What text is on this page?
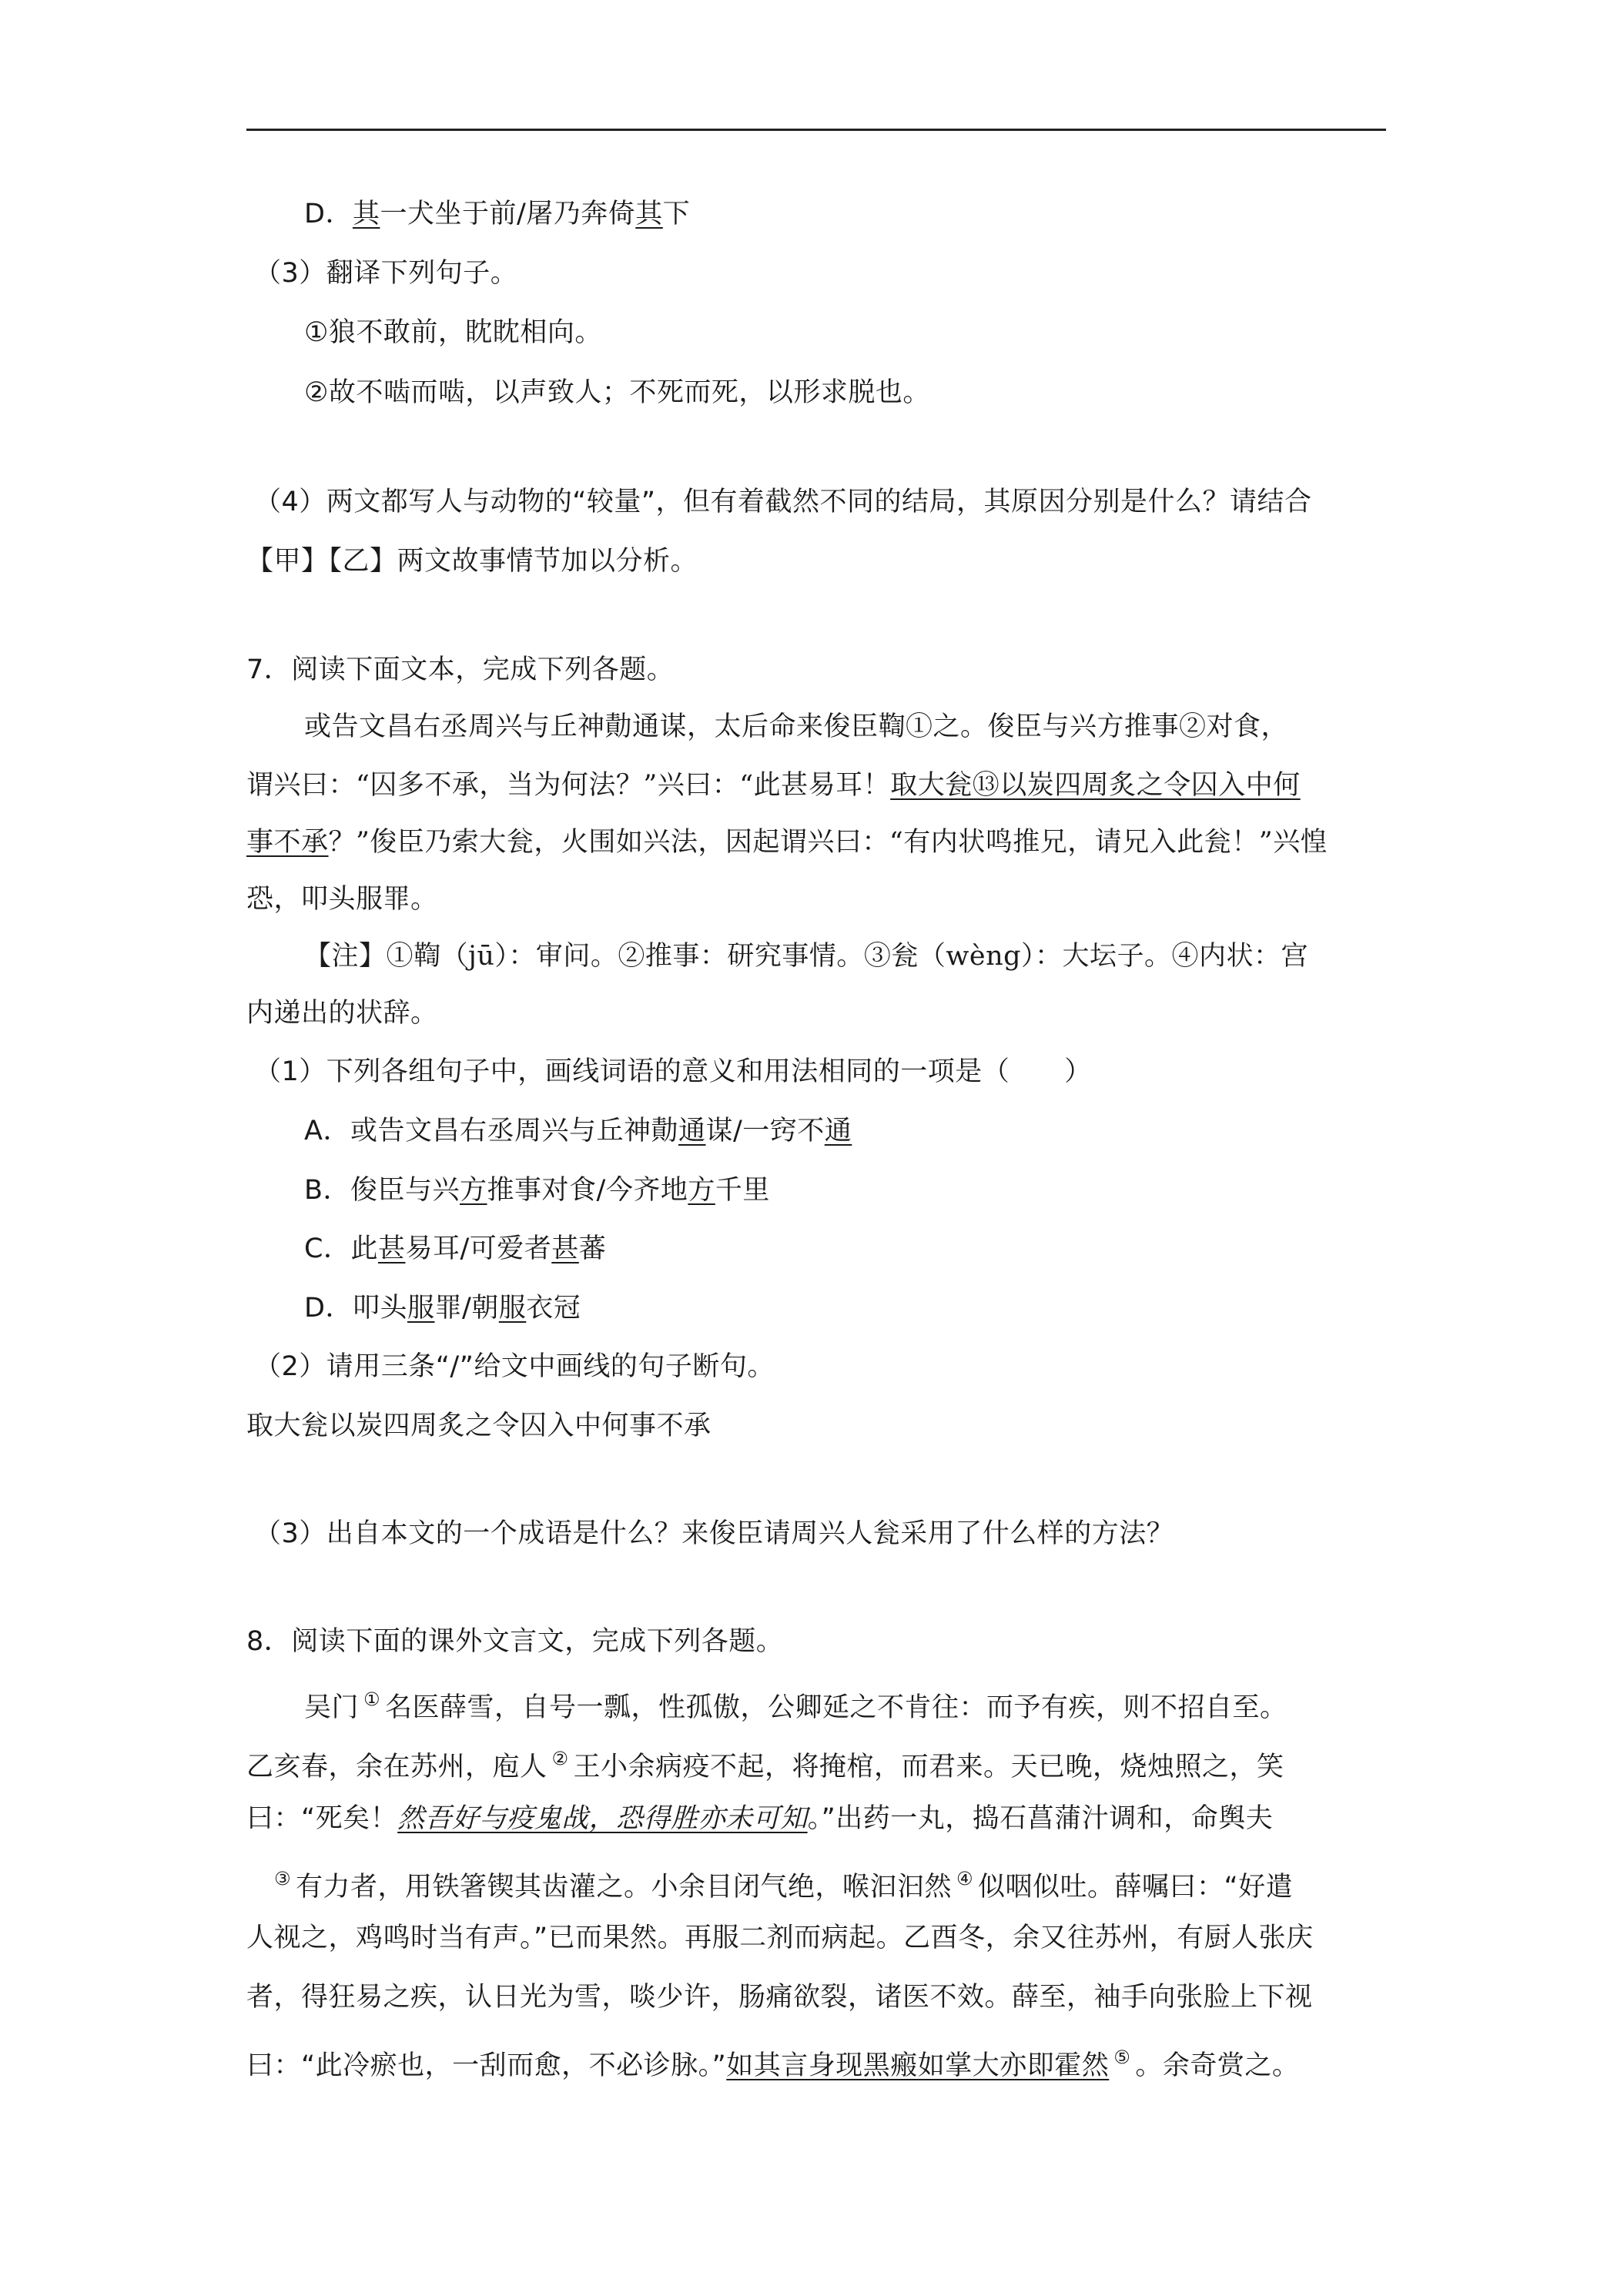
D．其一犬坐于前/屠乃奔倚其下
（3）翻译下列句子。
①狼不敢前，眈眈相向。
②故不啮而啮，以声致人；不死而死，以形求脱也。
（4）两文都写人与动物的“较量”，但有着截然不同的结局，其原因分别是什么？请结合
【甲】【乙】两文故事情节加以分析。
7．阅读下面文本，完成下列各题。
或告文昌右丞周兴与丘神勣通谋，太后命来俊臣鞫①之。俊臣与兴方推事②对食，
谓兴曰：“囚多不承，当为何法？”兴曰：“此甚易耳！取大瓮⑬以炭四周炙之令囚入中何
事不承？”俊臣乃索大瓮，火围如兴法，因起谓兴曰：“有内状鸣推兄，请兄入此瓮！”兴惶
恐，叩头服罪。
【注】①鞫（jū）：审问。②推事：研究事情。③瓮（wèng）：大坛子。④内状：宫
内递出的状辞。
（1）下列各组句子中，画线词语的意义和用法相同的一项是（　　）
A．或告文昌右丞周兴与丘神勣通谋/一窍不通
B．俊臣与兴方推事对食/今齐地方千里
C．此甚易耳/可爱者甚蕃
D．叩头服罪/朝服衣冠
（2）请用三条“/”给文中画线的句子断句。
取大瓮以炭四周炙之令囚入中何事不承
（3）出自本文的一个成语是什么？来俊臣请周兴人瓮采用了什么样的方法？
8．阅读下面的课外文言文，完成下列各题。
吴门 ① 名医薛雪，自号一瓢，性孤傲，公卿延之不肯往：而予有疾，则不招自至。
乙亥春，余在苏州，庖人 ② 王小余病疫不起，将掩棺，而君来。天已晚，烧烛照之，笑
曰：“死矣！然吾好与疫鬼战，恐得胜亦未可知。”出药一丸，捣石菖蒲汁调和，命舆夫
③ 有力者，用铁箸锲其齿灌之。小余目闭气绝，喉汩汩然 ④ 似咽似吐。薛嘱曰：“好遣
人视之，鸡鸣时当有声。”已而果然。再服二剂而病起。乙酉冬，余又往苏州，有厨人张庆
者，得狂易之疾，认日光为雪，啖少许，肠痛欲裂，诸医不效。薛至，袖手向张脸上下视
曰：“此冷瘀也，一刮而愈，不必诊脉。”如其言身现黑瘢如掌大亦即霍然 ⑤ 。余奇赏之。
